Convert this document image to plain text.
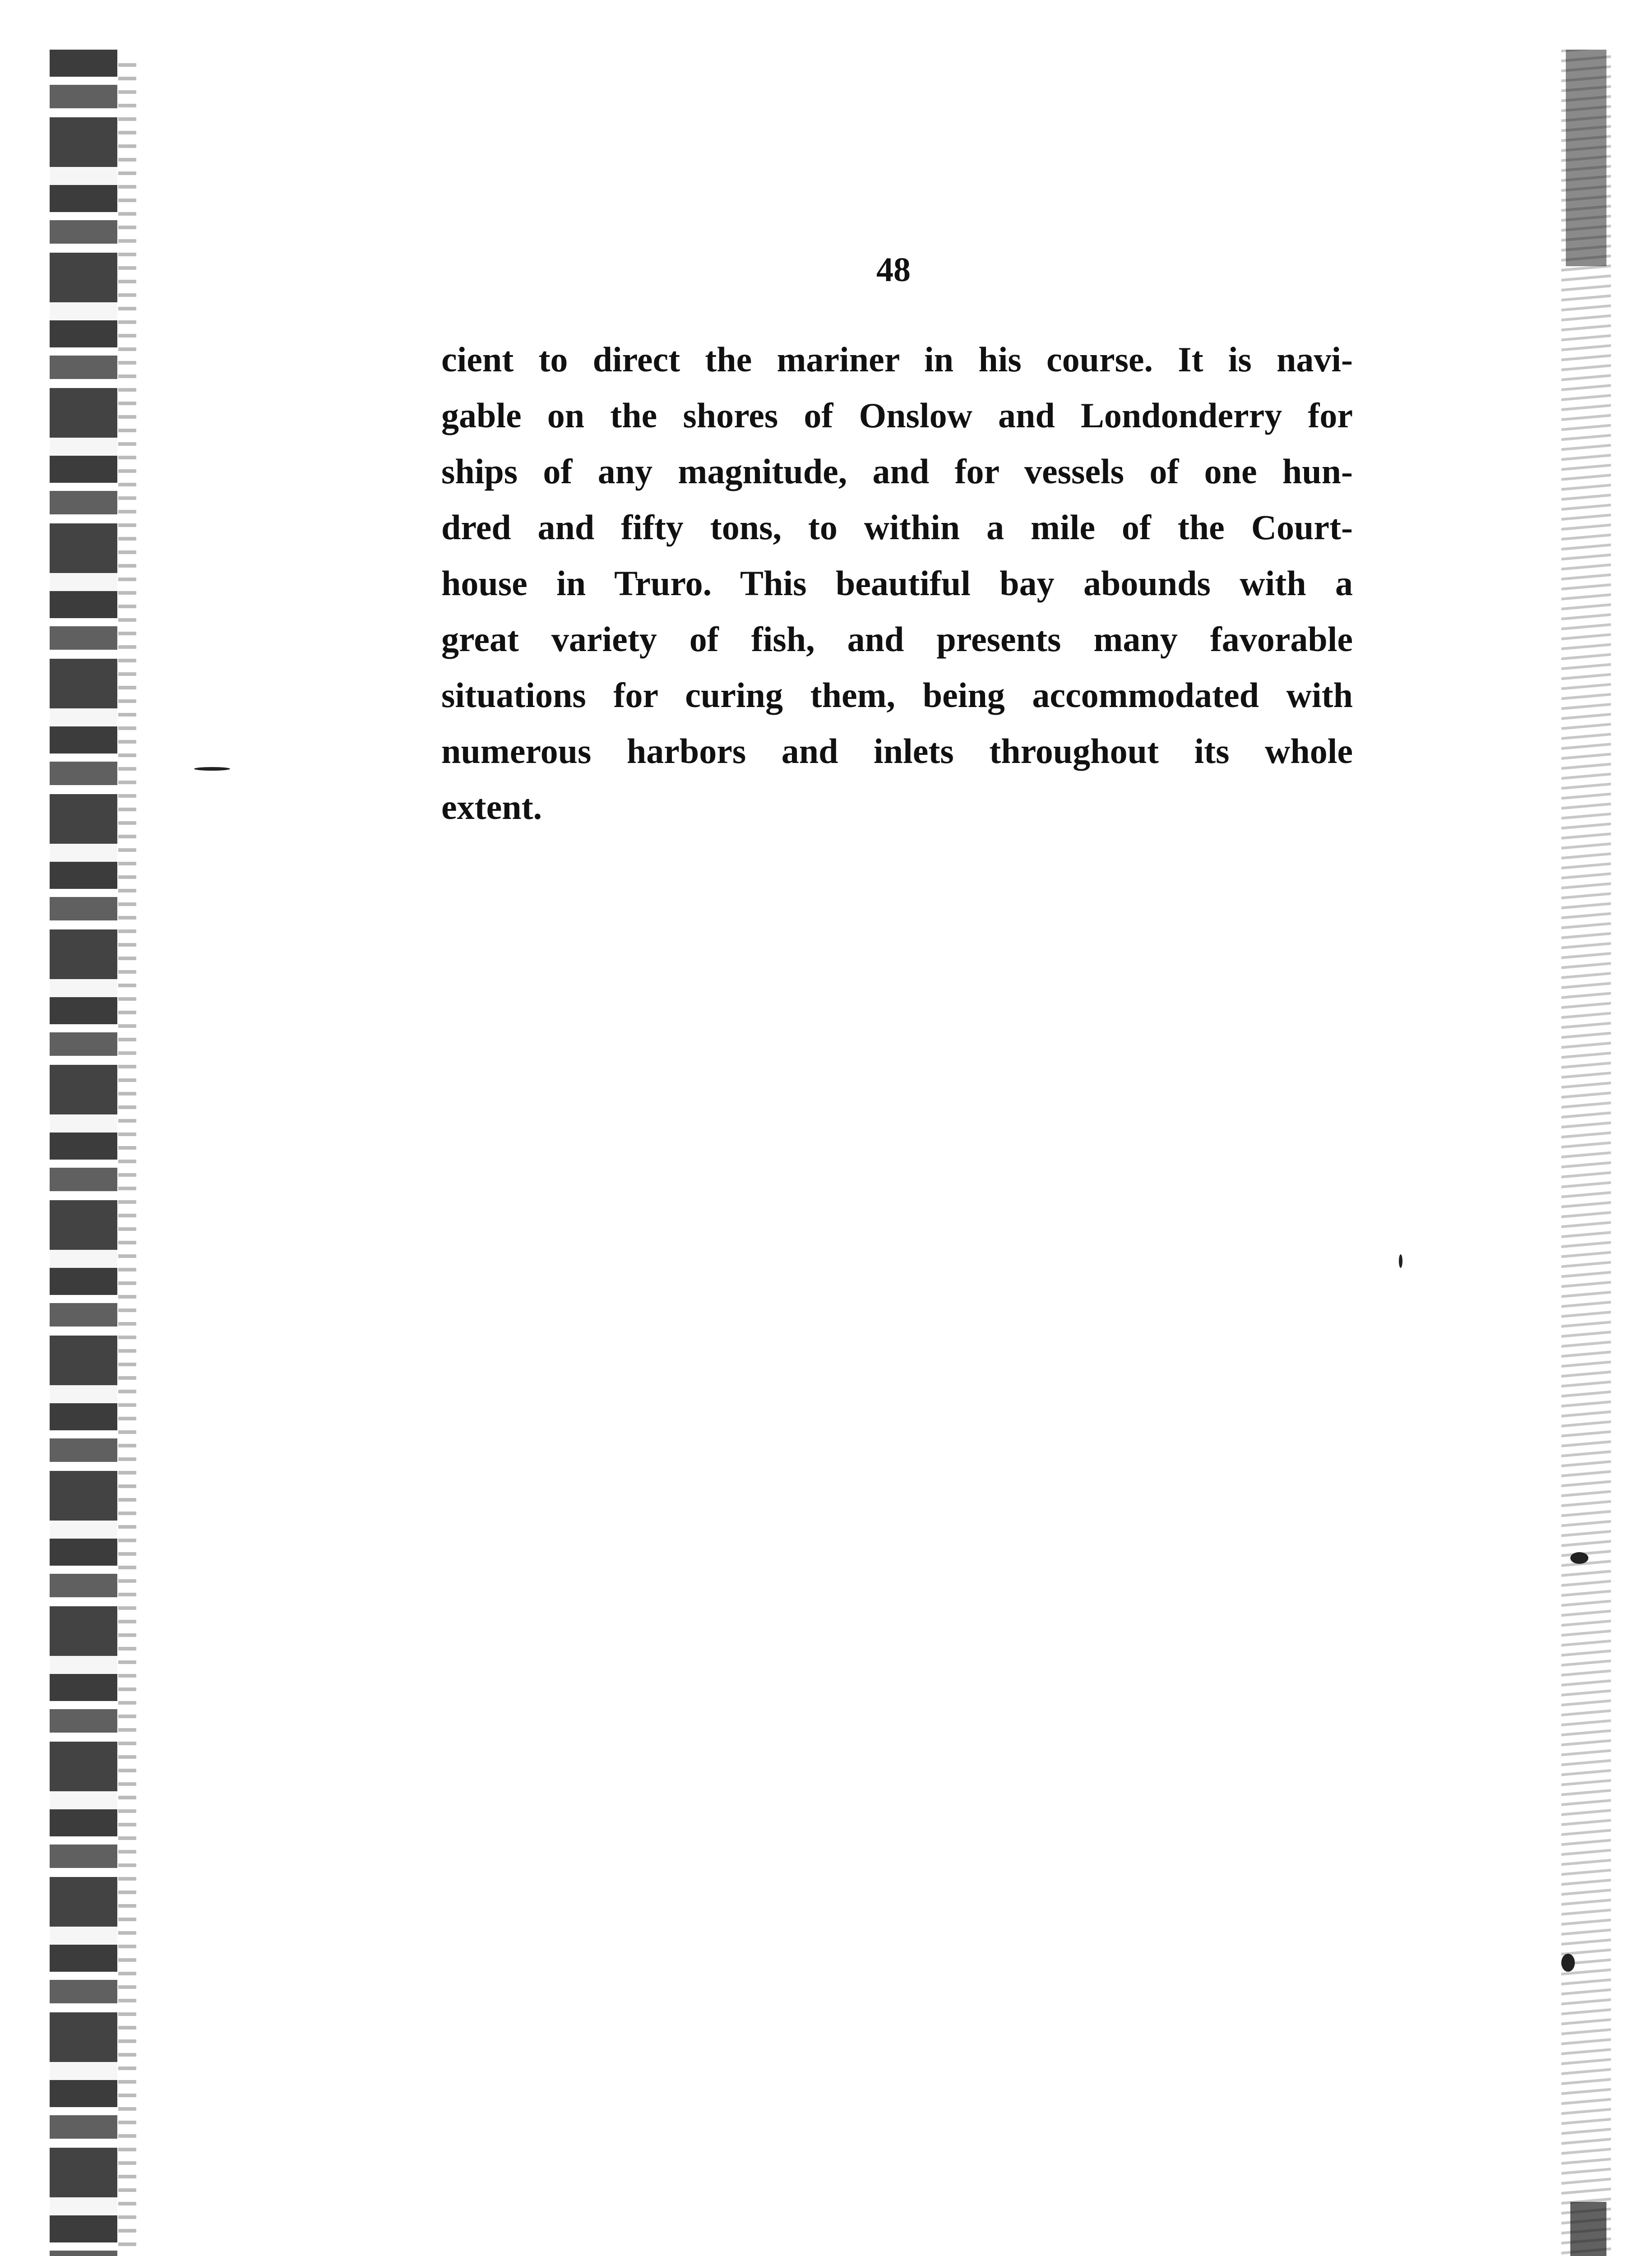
48
cient to direct the mariner in his course. It is navi-
gable on the shores of Onslow and Londonderry for
ships of any magnitude, and for vessels of one hun-
dred and fifty tons, to within a mile of the Court-
house in Truro. This beautiful bay abounds with a
great variety of fish, and presents many favorable
situations for curing them, being accommodated with
numerous harbors and inlets throughout its whole
extent.
